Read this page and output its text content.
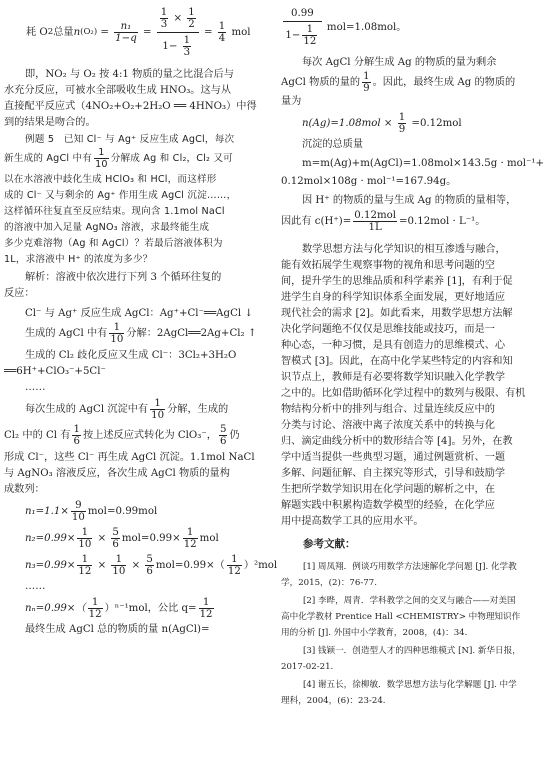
耗 O 2 总量 n $(O_2) = \frac{\text{n₁}}{1-q} = \frac{\frac{1}{3} \times \frac{1}{2}}{1- \frac{1}{3}} = \frac{1}{4}$ mol
即，NO₂ 与 O₂ 按 4:1 物质的量之比混合后与
水充分反应，可被水全部吸收生成 HNO₃。这与从
直接配平反应式（4NO₂+O₂+2H₂O ══ 4HNO₃）中得
到的结果是吻合的。
例题 5　已知 Cl⁻ 与 Ag⁺ 反应生成 AgCl，每次
新生成的 AgCl 中有 $\frac{1}{10}$ 分解成 Ag 和 Cl₂，Cl₂ 又可
以在水溶液中歧化生成 HClO₃ 和 HCl，而这样形
成的 Cl⁻ 又与剩余的 Ag⁺ 作用生成 AgCl 沉淀……，
这样循环往复直至反应结束。现向含 1.1mol NaCl
的溶液中加入足量 AgNO₃ 溶液，求最终能生成
多少克难溶物（Ag 和 AgCl）？若最后溶液体积为
1L，求溶液中 H⁺ 的浓度为多少？
解析：溶液中依次进行下列 3 个循环往复的
反应：
Cl⁻ 与 Ag⁺ 反应生成 AgCl：Ag⁺+Cl⁻══AgCl ↓
生成的 AgCl 中有 $\frac{1}{10}$ 分解：2AgCl══2Ag+Cl₂ ↑
生成的 Cl₂ 歧化反应又生成 Cl⁻：3Cl₂+3H₂O
══6H⁺+ClO₃⁻+5Cl⁻
……
每次生成的 AgCl 沉淀中有 $\frac{1}{10}$ 分解，生成的
Cl₂ 中的 Cl 有 $\frac{1}{6}$ 按上述反应式转化为 ClO₃⁻， $\frac{5}{6}$ 仍
形成 Cl⁻，这些 Cl⁻ 再生成 AgCl 沉淀。1.1mol NaCl
与 AgNO₃ 溶液反应，各次生成 AgCl 物质的量构
成数列：
$n_1=1.1\times \frac{9}{10} mol=0.99mol$
$n_2=0.99\times \frac{1}{10} \times \frac{5}{6} mol=0.99\times \frac{1}{12}$ mol
$n_3=0.99\times \frac{1}{12} \times \frac{1}{10} \times \frac{5}{6} mol=0.99\times( \frac{1}{12} )^2mol$
……
$n_n=0.99\times( \frac{1}{12} )^{n-1}mol$，公比 $q= \frac{1}{12}$
最终生成 AgCl 总的物质的量 n(AgCl)=
$\frac{0.99}{1- \frac{1}{12}} mol=1.08mol$。
每次 AgCl 分解生成 Ag 的物质的量为剩余
AgCl 物质的量的 $\frac{1}{9}$ 。因此，最终生成 Ag 的物质的
量为
$n(Ag)=1.08mol \times \frac{1}{9} =0.12mol$
沉淀的总质量
m=m(Ag)+m(AgCl)=1.08mol×143.5g · mol⁻¹+
0.12mol×108g · mol⁻¹=167.94g。
因 H⁺ 的物质的量与生成 Ag 的物质的量相等，
因此有 $c(H^+)= \frac{\text{0.12mol}}{1L} =0.12mol \cdot L^{-1}$。
数学思想方法与化学知识的相互渗透与融合，
能有效拓展学生观察事物的视角和思考问题的空
间，提升学生的思维品质和科学素养 [1]，有利于促
进学生自身的科学知识体系全面发展，更好地适应
现代社会的需求 [2]。如此看来，用数学思想方法解
决化学问题绝不仅仅是思维技能或技巧，而是一
种心态，一种习惯，是具有创造力的思维模式、心
智模式 [3]。因此，在高中化学某些特定的内容和知
识节点上，教师是有必要将数学知识融入化学教学
之中的。比如借助循环化学过程中的数列与极限、有机
物结构分析中的排列与组合、过量连续反应中的
分类与讨论、溶液中离子浓度关系中的转换与化
归、滴定曲线分析中的数形结合等 [4]。另外，在教
学中适当提供一些典型习题，通过例题赏析、一题
多解、问题征解、自主探究等形式，引导和鼓励学
生把所学数学知识用在化学问题的解析之中，在
解题实践中积累构造数学模型的经验，在化学应
用中提高数学工具的应用水平。
参考文献：
[1] 周凤翔．例谈巧用数学方法速解化学问题 [J]. 化学教
学，2015，(2)：76-77.
[2] 李晔，周青．学科教学之间的交叉与融合——对美国
高中化学教材 Prentice Hall <CHEMISTRY> 中物理知识作
用的分析 [J]. 外国中小学教育，2008，(4)：34.
[3] 钱颖一．创造型人才的四种思维模式 [N]. 新华日报，
2017-02-21.
[4] 谢五长，徐柳敏．数学思想方法与化学解题 [J]. 中学
理科，2004，(6)：23-24.
